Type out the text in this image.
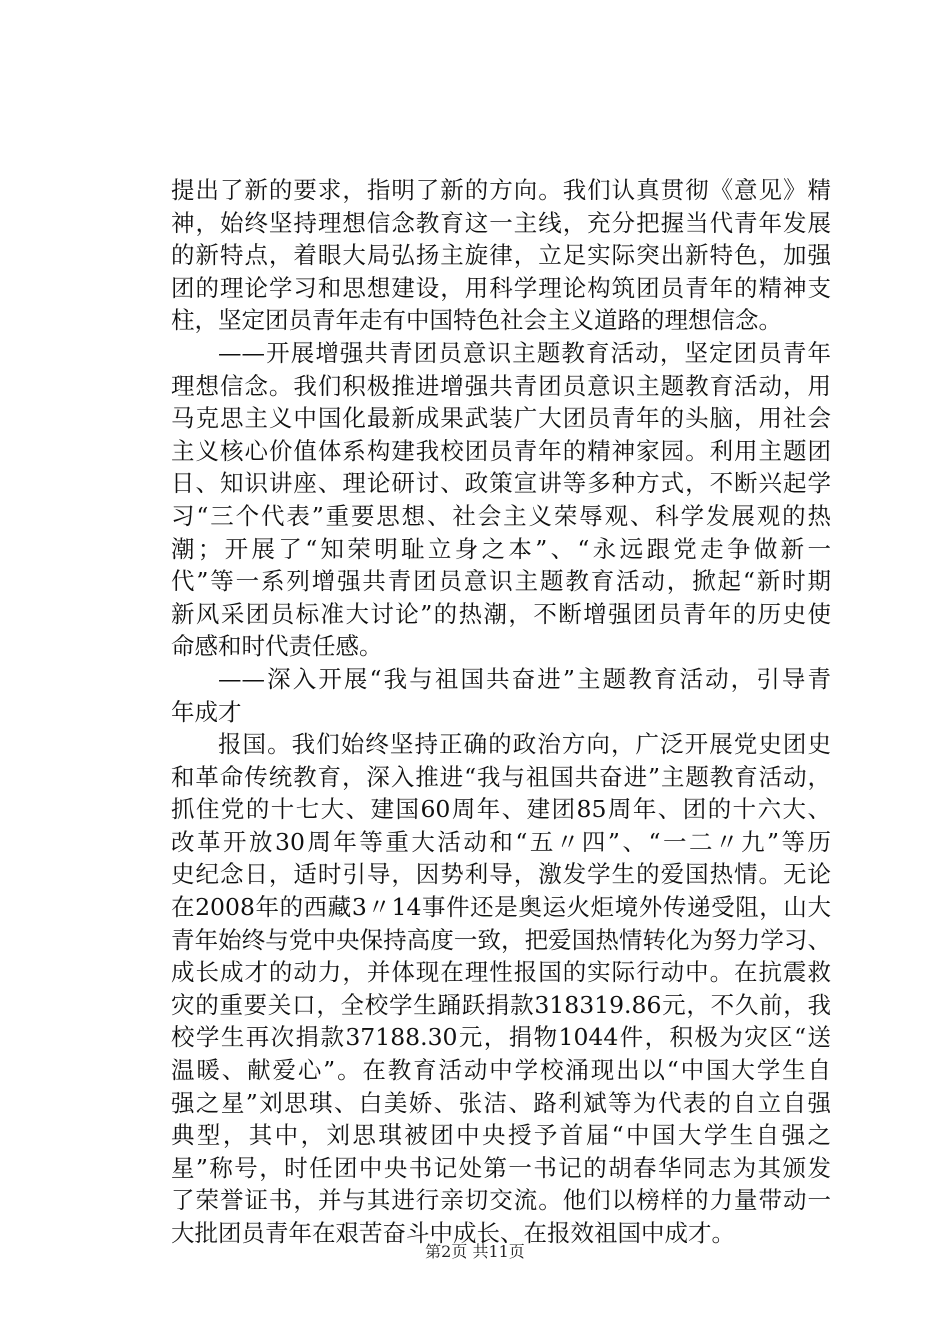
提出了新的要求，指明了新的方向。我们认真贯彻《意见》精
神，始终坚持理想信念教育这一主线，充分把握当代青年发展
的新特点，着眼大局弘扬主旋律，立足实际突出新特色，加强
团的理论学习和思想建设，用科学理论构筑团员青年的精神支
柱，坚定团员青年走有中国特色社会主义道路的理想信念。
——开展增强共青团员意识主题教育活动，坚定团员青年
理想信念。我们积极推进增强共青团员意识主题教育活动，用
马克思主义中国化最新成果武装广大团员青年的头脑，用社会
主义核心价值体系构建我校团员青年的精神家园。利用主题团
日、知识讲座、理论研讨、政策宣讲等多种方式，不断兴起学
习“三个代表”重要思想、社会主义荣辱观、科学发展观的热
潮；开展了“知荣明耻立身之本”、“永远跟党走争做新一
代”等一系列增强共青团员意识主题教育活动，掀起“新时期
新风采团员标准大讨论”的热潮，不断增强团员青年的历史使
命感和时代责任感。
——深入开展“我与祖国共奋进”主题教育活动，引导青
年成才
报国。我们始终坚持正确的政治方向，广泛开展党史团史
和革命传统教育，深入推进“我与祖国共奋进”主题教育活动，
抓住党的十七大、建国60周年、建团85周年、团的十六大、
改革开放30周年等重大活动和“五〃四”、“一二〃九”等历
史纪念日，适时引导，因势利导，激发学生的爱国热情。无论
在2008年的西藏3〃14事件还是奥运火炬境外传递受阻，山大
青年始终与党中央保持高度一致，把爱国热情转化为努力学习、
成长成才的动力，并体现在理性报国的实际行动中。在抗震救
灾的重要关口，全校学生踊跃捐款318319.86元，不久前，我
校学生再次捐款37188.30元，捐物1044件，积极为灾区“送
温暖、献爱心”。在教育活动中学校涌现出以“中国大学生自
强之星”刘思琪、白美娇、张洁、路利斌等为代表的自立自强
典型，其中，刘思琪被团中央授予首届“中国大学生自强之
星”称号，时任团中央书记处第一书记的胡春华同志为其颁发
了荣誉证书，并与其进行亲切交流。他们以榜样的力量带动一
大批团员青年在艰苦奋斗中成长、在报效祖国中成才。
第2页 共11页
